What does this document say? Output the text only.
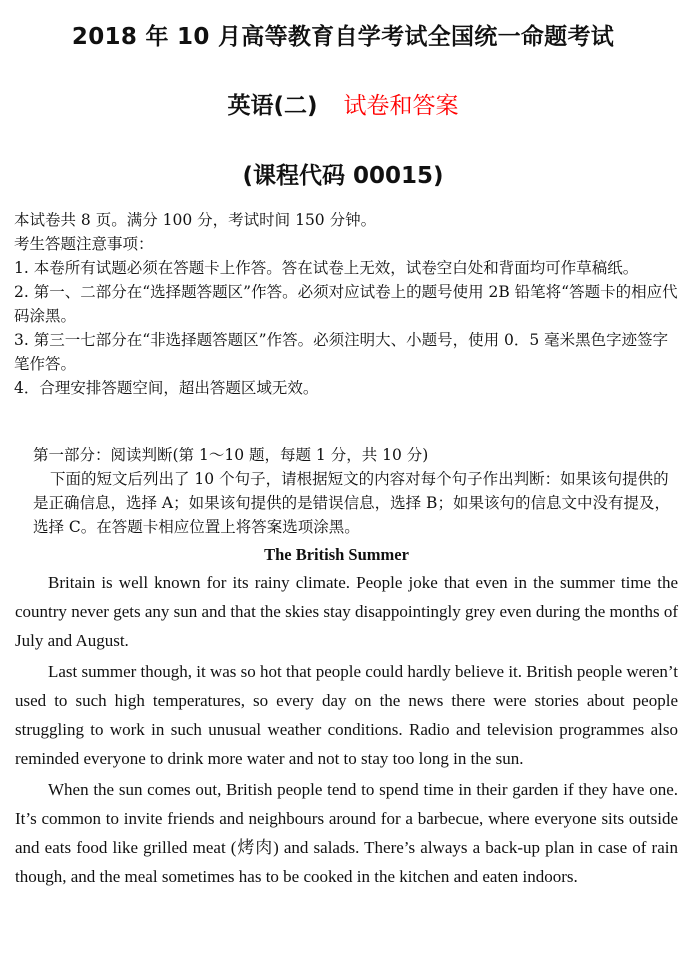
2018 年 10 月高等教育自学考试全国统一命题考试
英语(二) 试卷和答案
(课程代码 00015)

本试卷共 8 页。满分 100 分，考试时间 150 分钟。

考生答题注意事项：

1. 本卷所有试题必须在答题卡上作答。答在试卷上无效，试卷空白处和背面均可作草稿纸。

2. 第一、二部分在“选择题答题区”作答。必须对应试卷上的题号使用 2B 铅笔将“答题卡的相应代码涂黑。

3. 第三一七部分在“非选择题答题区”作答。必须注明大、小题号，使用 0．5 毫米黑色字迹签字笔作答。

4．合理安排答题空间，超出答题区域无效。

第一部分：阅读判断(第 1～10 题，每题 1 分，共 10 分)

下面的短文后列出了 10 个句子，请根据短文的内容对每个句子作出判断：如果该句提供的是正确信息，选择 A；如果该旬提供的是错误信息，选择 B；如果该句的信息文中没有提及，选择 C。在答题卡相应位置上将答案选项涂黑。

The British Summer

Britain is well known for its rainy climate. People joke that even in the summer time the country never gets any sun and that the skies stay disappointingly grey even during the months of July and August.

Last summer though, it was so hot that people could hardly believe it. British people weren’t used to such high temperatures, so every day on the news there were stories about people struggling to work in such unusual weather conditions. Radio and television programmes also reminded everyone to drink more water and not to stay too long in the sun.

When the sun comes out, British people tend to spend time in their garden if they have one. It’s common to invite friends and neighbours around for a barbecue, where everyone sits outside and eats food like grilled meat (烤肉) and salads. There’s always a back-up plan in case of rain though, and the meal sometimes has to be cooked in the kitchen and eaten indoors.
